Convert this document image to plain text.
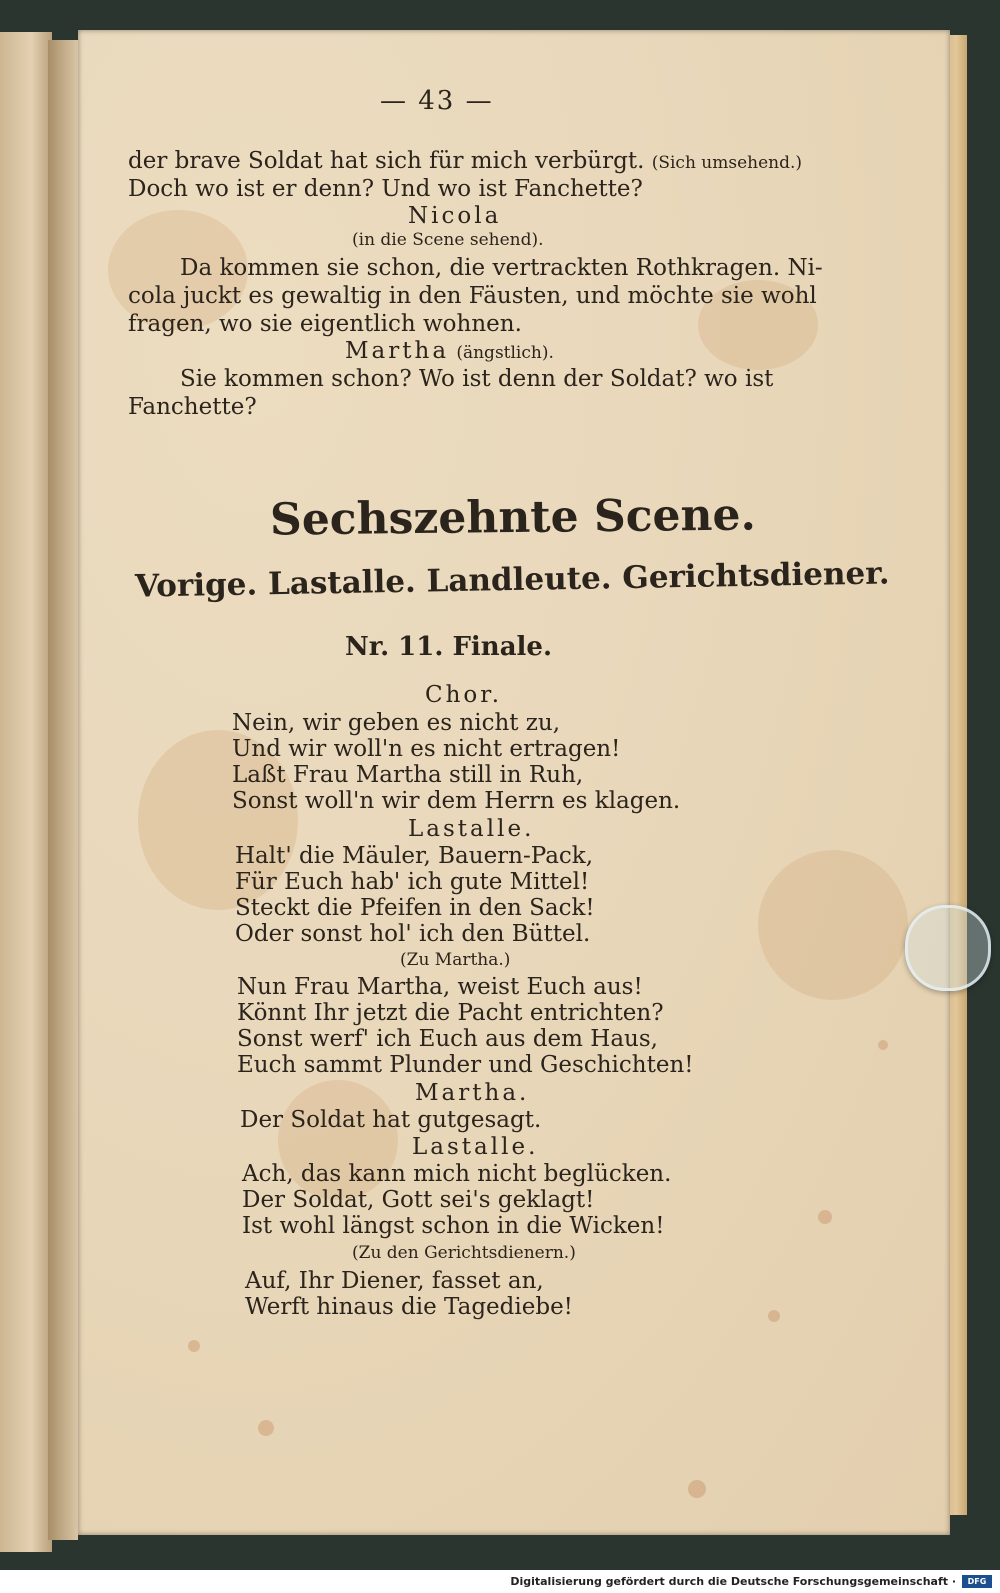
— 43 —
der brave Soldat hat sich für mich verbürgt. (Sich umsehend.)
Doch wo ist er denn? Und wo ist Fanchette?
Nicola
(in die Scene sehend).
Da kommen sie schon, die vertrackten Rothkragen. Ni-
cola juckt es gewaltig in den Fäusten, und möchte sie wohl
fragen, wo sie eigentlich wohnen.
Martha (ängstlich).
Sie kommen schon? Wo ist denn der Soldat? wo ist
Fanchette?
Sechszehnte Scene.
Vorige. Lastalle. Landleute. Gerichtsdiener.
Nr. 11. Finale.
Chor.
Nein, wir geben es nicht zu,
Und wir woll'n es nicht ertragen!
Laßt Frau Martha still in Ruh,
Sonst woll'n wir dem Herrn es klagen.
Lastalle.
Halt' die Mäuler, Bauern-Pack,
Für Euch hab' ich gute Mittel!
Steckt die Pfeifen in den Sack!
Oder sonst hol' ich den Büttel.
(Zu Martha.)
Nun Frau Martha, weist Euch aus!
Könnt Ihr jetzt die Pacht entrichten?
Sonst werf' ich Euch aus dem Haus,
Euch sammt Plunder und Geschichten!
Martha.
Der Soldat hat gutgesagt.
Lastalle.
Ach, das kann mich nicht beglücken.
Der Soldat, Gott sei's geklagt!
Ist wohl längst schon in die Wicken!
(Zu den Gerichtsdienern.)
Auf, Ihr Diener, fasset an,
Werft hinaus die Tagediebe!
Digitalisierung gefördert durch die Deutsche Forschungsgemeinschaft ·	DFG
